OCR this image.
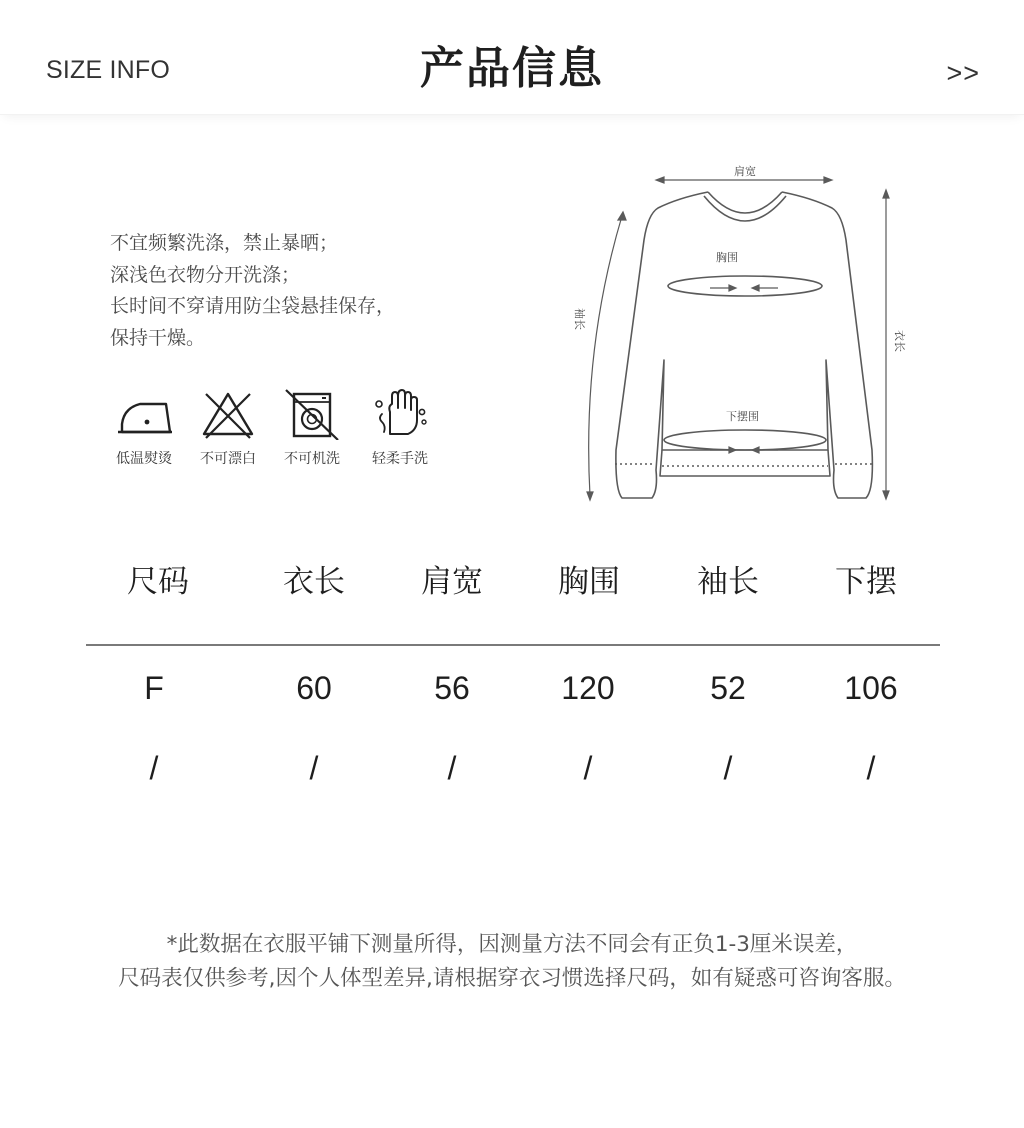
SIZE INFO	产品信息	>>
不宜频繁洗涤，禁止暴晒；
深浅色衣物分开洗涤；
长时间不穿请用防尘袋悬挂保存，
保持干燥。
低温熨烫	不可漂白	不可机洗	轻柔手洗
肩宽
胸围
下摆围
袖长
衣长
尺码	衣长 肩宽 胸围 袖长 下摆
F	60	56	120	52	106
/	/	/	/	/	/
*此数据在衣服平铺下测量所得，因测量方法不同会有正负1-3厘米误差，
尺码表仅供参考,因个人体型差异,请根据穿衣习惯选择尺码，如有疑惑可咨询客服。
